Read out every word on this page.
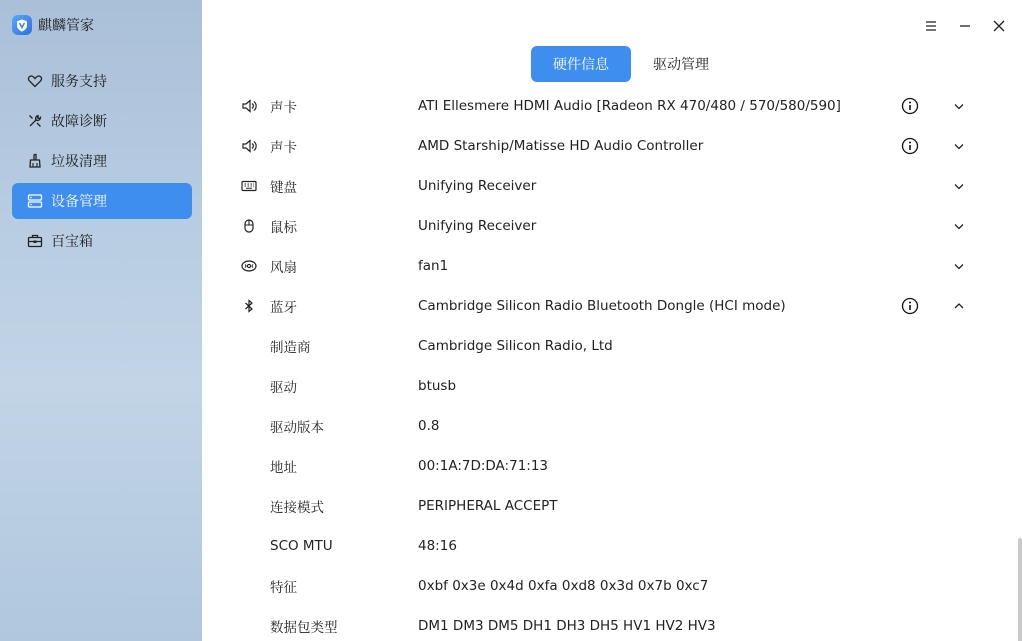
麒麟管家
服务支持
故障诊断
垃圾清理
设备管理
百宝箱
硬件信息	驱动管理
声卡	ATI Ellesmere HDMI Audio [Radeon RX 470/480 / 570/580/590]
声卡	AMD Starship/Matisse HD Audio Controller
键盘	Unifying Receiver
鼠标	Unifying Receiver
风扇	fan1
蓝牙	Cambridge Silicon Radio Bluetooth Dongle (HCI mode)
制造商	Cambridge Silicon Radio, Ltd
驱动	btusb
驱动版本	0.8
地址	00:1A:7D:DA:71:13
连接模式	PERIPHERAL ACCEPT
SCO MTU	48:16
特征	0xbf 0x3e 0x4d 0xfa 0xd8 0x3d 0x7b 0xc7
数据包类型	DM1 DM3 DM5 DH1 DH3 DH5 HV1 HV2 HV3
